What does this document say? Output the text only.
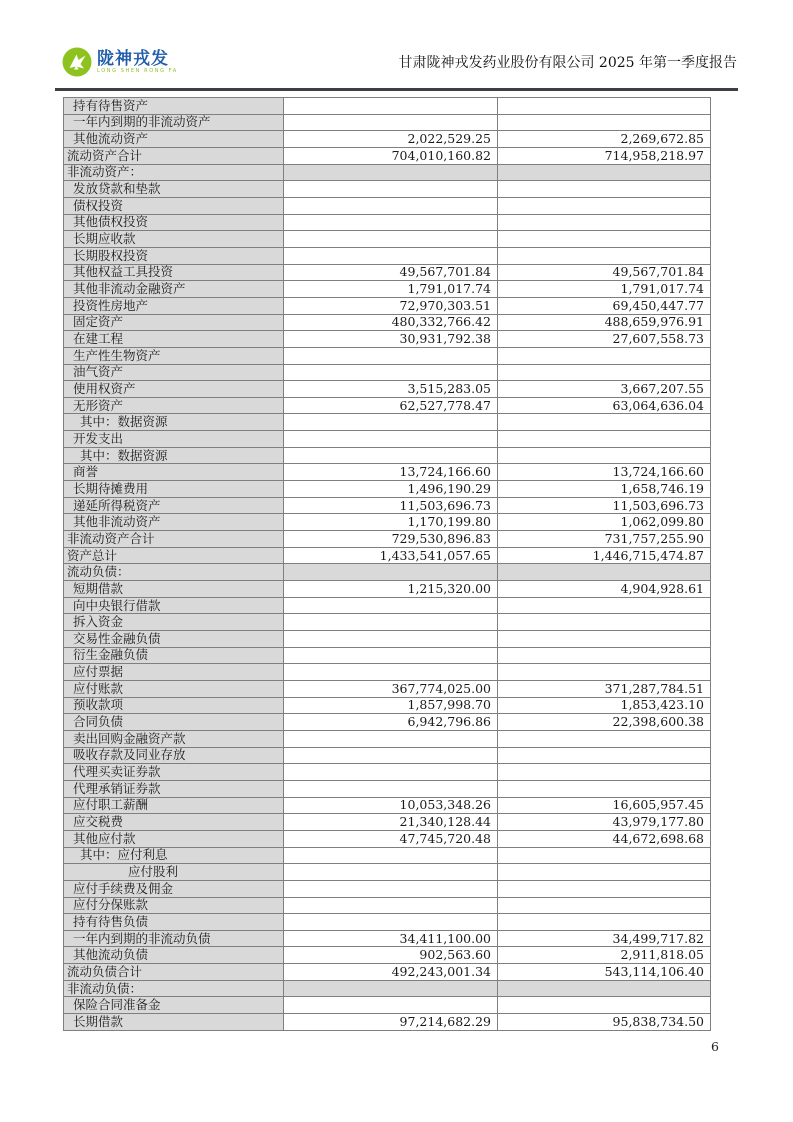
陇神戎发
LONG SHEN RONG FA	甘肃陇神戎发药业股份有限公司 2025 年第一季度报告
持有待售资产		
一年内到期的非流动资产		
其他流动资产	2,022,529.25	2,269,672.85
流动资产合计	704,010,160.82	714,958,218.97
非流动资产：		
发放贷款和垫款		
债权投资		
其他债权投资		
长期应收款		
长期股权投资		
其他权益工具投资	49,567,701.84	49,567,701.84
其他非流动金融资产	1,791,017.74	1,791,017.74
投资性房地产	72,970,303.51	69,450,447.77
固定资产	480,332,766.42	488,659,976.91
在建工程	30,931,792.38	27,607,558.73
生产性生物资产		
油气资产		
使用权资产	3,515,283.05	3,667,207.55
无形资产	62,527,778.47	63,064,636.04
其中：数据资源		
开发支出		
其中：数据资源		
商誉	13,724,166.60	13,724,166.60
长期待摊费用	1,496,190.29	1,658,746.19
递延所得税资产	11,503,696.73	11,503,696.73
其他非流动资产	1,170,199.80	1,062,099.80
非流动资产合计	729,530,896.83	731,757,255.90
资产总计	1,433,541,057.65	1,446,715,474.87
流动负债：		
短期借款	1,215,320.00	4,904,928.61
向中央银行借款		
拆入资金		
交易性金融负债		
衍生金融负债		
应付票据		
应付账款	367,774,025.00	371,287,784.51
预收款项	1,857,998.70	1,853,423.10
合同负债	6,942,796.86	22,398,600.38
卖出回购金融资产款		
吸收存款及同业存放		
代理买卖证券款		
代理承销证券款		
应付职工薪酬	10,053,348.26	16,605,957.45
应交税费	21,340,128.44	43,979,177.80
其他应付款	47,745,720.48	44,672,698.68
其中：应付利息		
应付股利		
应付手续费及佣金		
应付分保账款		
持有待售负债		
一年内到期的非流动负债	34,411,100.00	34,499,717.82
其他流动负债	902,563.60	2,911,818.05
流动负债合计	492,243,001.34	543,114,106.40
非流动负债：		
保险合同准备金		
长期借款	97,214,682.29	95,838,734.50
6
